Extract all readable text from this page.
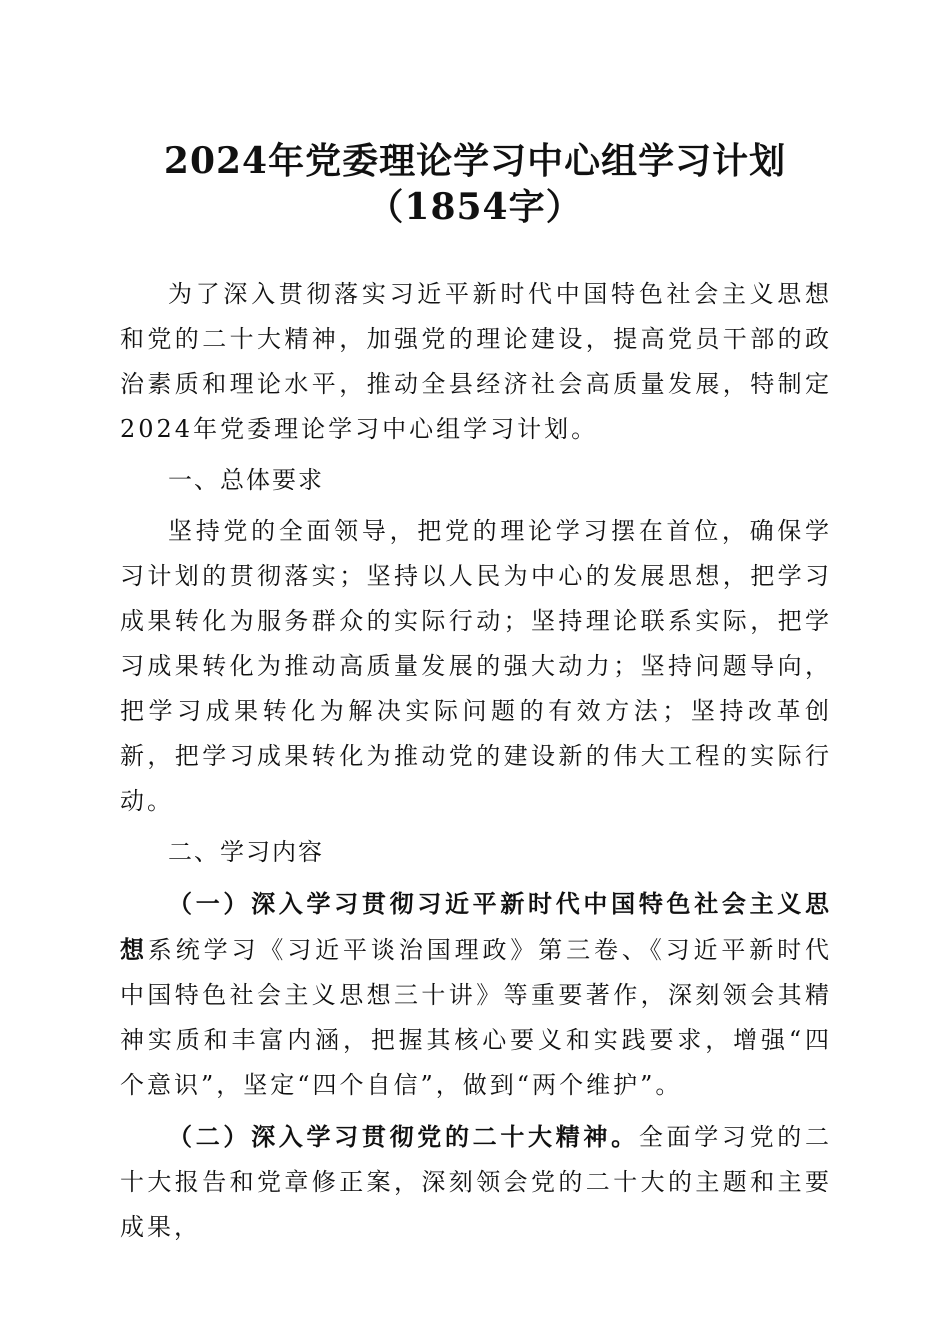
2024年党委理论学习中心组学习计划（1854字）

为了深入贯彻落实习近平新时代中国特色社会主义思想和党的二十大精神，加强党的理论建设，提高党员干部的政治素质和理论水平，推动全县经济社会高质量发展，特制定2024年党委理论学习中心组学习计划。

一、总体要求

坚持党的全面领导，把党的理论学习摆在首位，确保学习计划的贯彻落实；坚持以人民为中心的发展思想，把学习成果转化为服务群众的实际行动；坚持理论联系实际，把学习成果转化为推动高质量发展的强大动力；坚持问题导向，把学习成果转化为解决实际问题的有效方法；坚持改革创新，把学习成果转化为推动党的建设新的伟大工程的实际行动。

二、学习内容

（一）深入学习贯彻习近平新时代中国特色社会主义思想系统学习《习近平谈治国理政》第三卷、《习近平新时代中国特色社会主义思想三十讲》等重要著作，深刻领会其精神实质和丰富内涵，把握其核心要义和实践要求，增强“四个意识”，坚定“四个自信”，做到“两个维护”。

（二）深入学习贯彻党的二十大精神。全面学习党的二十大报告和党章修正案，深刻领会党的二十大的主题和主要成果，
